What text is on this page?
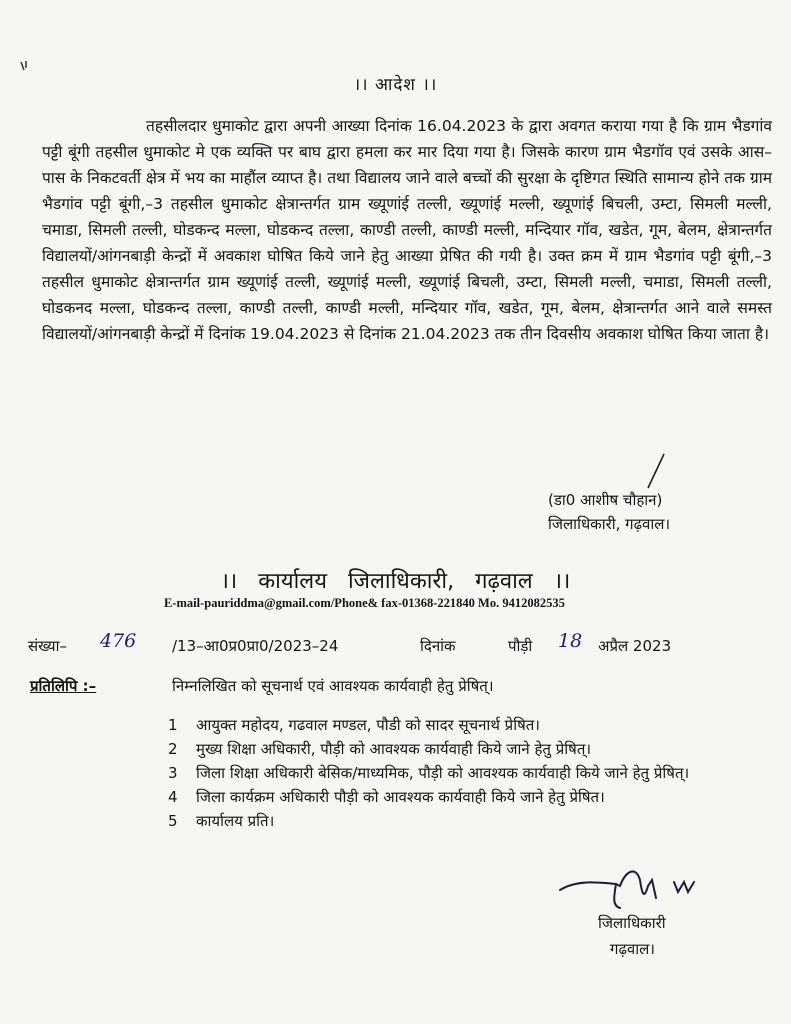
।। आदेश ।।

तहसीलदार धुमाकोट द्वारा अपनी आख्या दिनांक 16.04.2023 के द्वारा अवगत कराया गया है कि ग्राम भैडगांव पट्टी बूंगी तहसील धुमाकोट मे एक व्यक्ति पर बाघ द्वारा हमला कर मार दिया गया है। जिसके कारण ग्राम भैडगॉव एवं उसके आस–पास के निकटवर्ती क्षेत्र में भय का माहौंल व्याप्त है। तथा विद्यालय जाने वाले बच्चों की सुरक्षा के दृष्टिगत स्थिति सामान्य होने तक ग्राम भैडगांव पट्टी बूंगी,–3 तहसील धुमाकोट क्षेत्रान्तर्गत ग्राम ख्यूणांई तल्ली, ख्यूणांई मल्ली, ख्यूणांई बिचली, उम्टा, सिमली मल्ली, चमाडा, सिमली तल्ली, घोडकन्द मल्ला, घोडकन्द तल्ला, काण्डी तल्ली, काण्डी मल्ली, मन्दियार गॉव, खडेत, गूम, बेलम, क्षेत्रान्तर्गत विद्यालयों/आंगनबाड़ी केन्द्रों में अवकाश घोषित किये जाने हेतु आख्या प्रेषित की गयी है। उक्त क्रम में ग्राम भैडगांव पट्टी बूंगी,–3 तहसील धुमाकोट क्षेत्रान्तर्गत ग्राम ख्यूणांई तल्ली, ख्यूणांई मल्ली, ख्यूणांई बिचली, उम्टा, सिमली मल्ली, चमाडा, सिमली तल्ली, घोडकनद मल्ला, घोडकन्द तल्ला, काण्डी तल्ली, काण्डी मल्ली, मन्दियार गॉव, खडेत, गूम, बेलम, क्षेत्रान्तर्गत आने वाले समस्त विद्यालयों/आंगनबाड़ी केन्द्रों में दिनांक 19.04.2023 से दिनांक 21.04.2023 तक तीन दिवसीय अवकाश घोषित किया जाता है।

(डा0 आशीष चौहान)
जिलाधिकारी, गढ़वाल।
।। कार्यालय जिलाधिकारी, गढ़वाल ।।
E-mail-pauriddma@gmail.com/Phone& fax-01368-221840 Mo. 9412082535
संख्या– 476 /13–आ0प्र0प्रा0/2023–24	दिनांक	पौड़ी 18 अप्रैल 2023
प्रतिलिपि :–	निम्नलिखित को सूचनार्थ एवं आवश्यक कार्यवाही हेतु प्रेषित्।
1 आयुक्त महोदय, गढवाल मण्डल, पौडी को सादर सूचनार्थ प्रेषित।
2 मुख्य शिक्षा अधिकारी, पौड़ी को आवश्यक कार्यवाही किये जाने हेतु प्रेषित्।
3 जिला शिक्षा अधिकारी बेसिक/माध्यमिक, पौड़ी को आवश्यक कार्यवाही किये जाने हेतु प्रेषित्।
4 जिला कार्यक्रम अधिकारी पौड़ी को आवश्यक कार्यवाही किये जाने हेतु प्रेषित।
5 कार्यालय प्रति।
जिलाधिकारी
गढ़वाल।
